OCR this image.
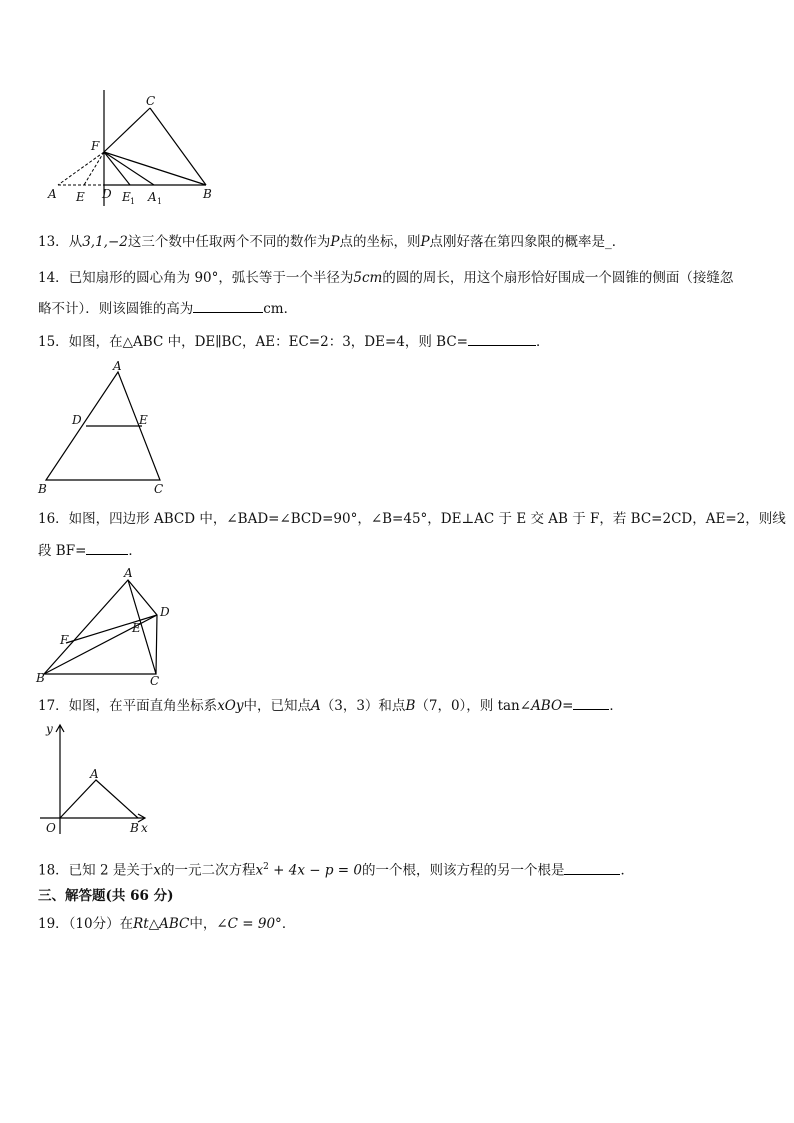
C
F
A E D E 1 A 1
B
13．从3,1,−2这三个数中任取两个不同的数作为P点的坐标，则P点刚好落在第四象限的概率是_．
14．已知扇形的圆心角为 90°，弧长等于一个半径为5cm的圆的周长，用这个扇形恰好围成一个圆锥的侧面（接缝忽
略不计）．则该圆锥的高为	cm．
15．如图，在△ABC 中，DE∥BC，AE：EC=2：3，DE=4，则 BC=	．
A
D	E
B	C
16．如图，四边形 ABCD 中，∠BAD=∠BCD=90°，∠B=45°，DE⊥AC 于 E 交 AB 于 F，若 BC=2CD，AE=2，则线
段 BF=	．
A
D
F
E
B	C
17．如图，在平面直角坐标系xOy中，已知点A（3，3）和点B（7，0），则 tan∠ABO=	．
y
A
O	B x
18．已知 2 是关于x的一元二次方程$x^2 + 4x - p = 0$的一个根，则该方程的另一个根是	．
三、解答题(共 66 分)
19．（10分）在Rt△ABC中，∠C = 90°．
